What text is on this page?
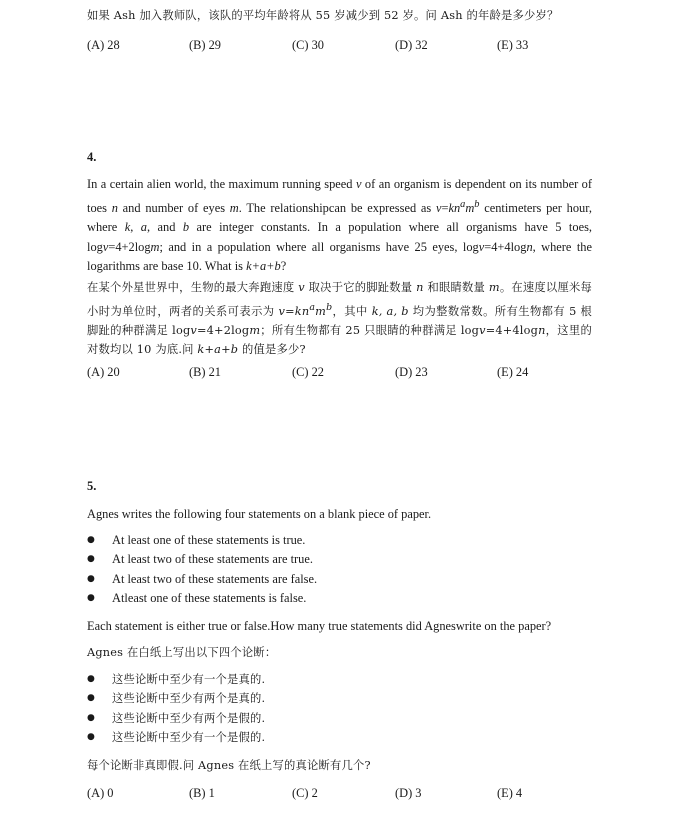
如果 Ash 加入教师队，该队的平均年龄将从 55 岁减少到 52 岁。问 Ash 的年龄是多少岁？
(A) 28	(B) 29	(C) 30	(D) 32	(E) 33
4.
In a certain alien world, the maximum running speed v of an organism is dependent on its number of toes n and number of eyes m. The relationshipcan be expressed as $v=kn^am^b$ centimeters per hour, where k, a, and b are integer constants. In a population where all organisms have 5 toes, logv=4+2logm; and in a population where all organisms have 25 eyes, logv=4+4logn, where the logarithms are base 10. What is k+a+b?
在某个外星世界中，生物的最大奔跑速度 v 取决于它的脚趾数量 n 和眼睛数量 m。在速度以厘米每小时为单位时，两者的关系可表示为 $v=kn^am^b$，其中 k, a, b 均为整数常数。所有生物都有 5 根脚趾的种群满足 logv=4+2logm；所有生物都有 25 只眼睛的种群满足 logv=4+4logn，这里的对数均以 10 为底.问 k+a+b 的值是多少?
(A) 20	(B) 21	(C) 22	(D) 23	(E) 24
5.
Agnes writes the following four statements on a blank piece of paper.
● At least one of these statements is true.
● At least two of these statements are true.
● At least two of these statements are false.
● Atleast one of these statements is false.
Each statement is either true or false.How many true statements did Agneswrite on the paper?
Agnes 在白纸上写出以下四个论断：
● 这些论断中至少有一个是真的.
● 这些论断中至少有两个是真的.
● 这些论断中至少有两个是假的.
● 这些论断中至少有一个是假的.
每个论断非真即假.问 Agnes 在纸上写的真论断有几个?
(A) 0	(B) 1	(C) 2	(D) 3	(E) 4
